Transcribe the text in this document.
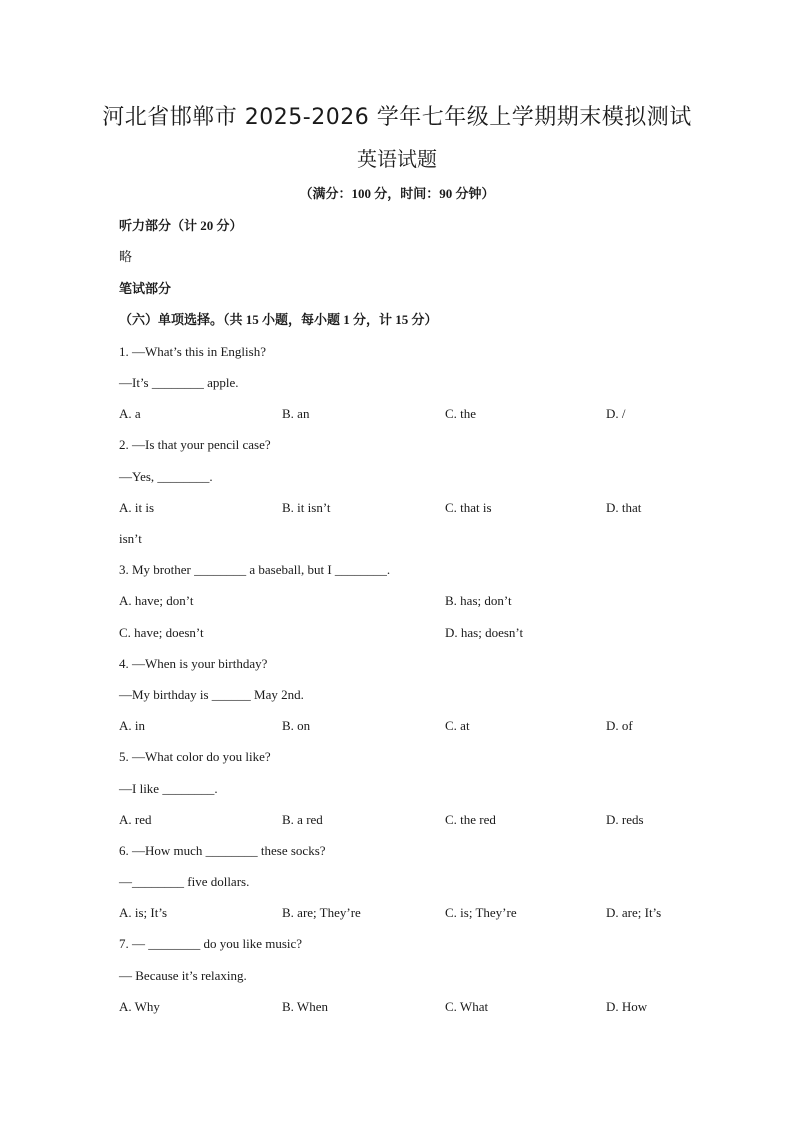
河北省邯郸市 2025-2026 学年七年级上学期期末模拟测试
英语试题
（满分：100 分，时间：90 分钟）
听力部分（计 20 分）
略
笔试部分
（六）单项选择。（共 15 小题，每小题 1 分，计 15 分）
1. —What’s this in English?
—It’s ________ apple.
A. a	B. an	C. the	D. /
2. —Is that your pencil case?
—Yes, ________.
A. it is	B. it isn’t	C. that is	D. that
isn’t
3. My brother ________ a baseball, but I ________.
A. have; don’t	B. has; don’t
C. have; doesn’t	D. has; doesn’t
4. —When is your birthday?
—My birthday is ______ May 2nd.
A. in	B. on	C. at	D. of
5. —What color do you like?
—I like ________.
A. red	B. a red	C. the red	D. reds
6. —How much ________ these socks?
—________ five dollars.
A. is; It’s	B. are; They’re	C. is; They’re	D. are; It’s
7. — ________ do you like music?
— Because it’s relaxing.
A. Why	B. When	C. What	D. How
